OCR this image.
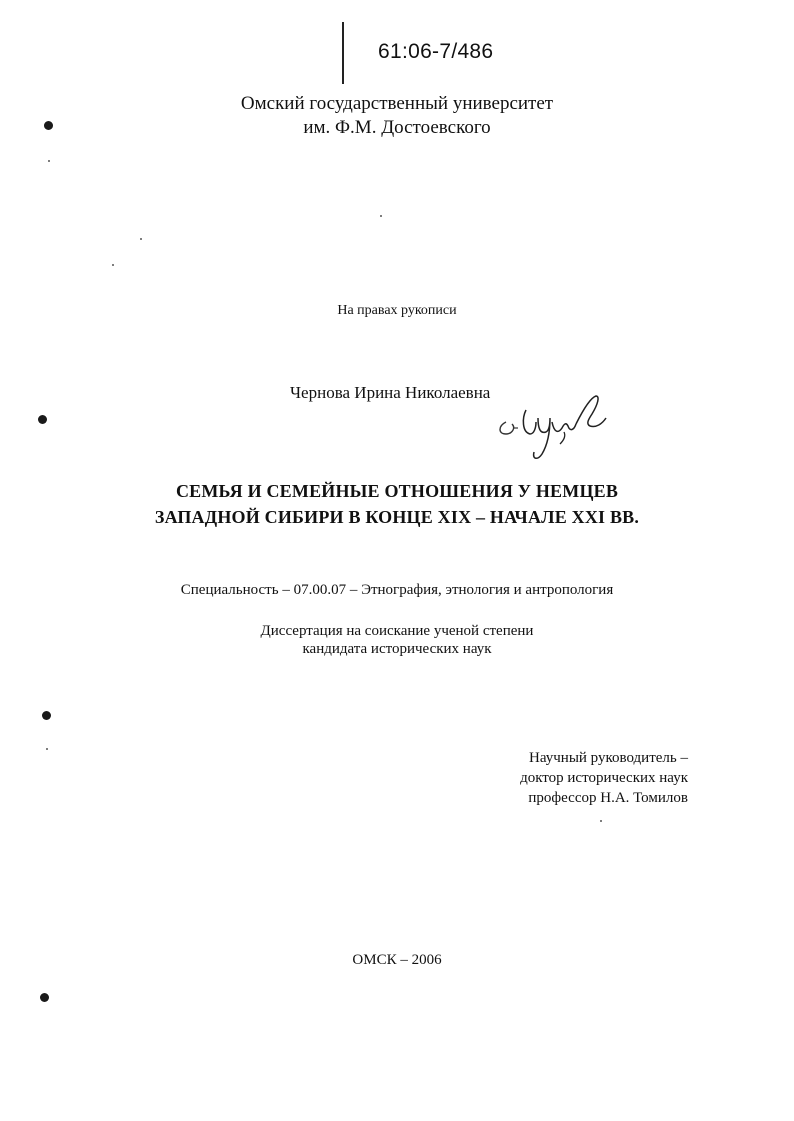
61:06-7/486
Омский государственный университет
им. Ф.М. Достоевского
На правах рукописи
Чернова Ирина Николаевна
СЕМЬЯ И СЕМЕЙНЫЕ ОТНОШЕНИЯ У НЕМЦЕВ
ЗАПАДНОЙ СИБИРИ В КОНЦЕ XIX – НАЧАЛЕ XXI ВВ.
Специальность – 07.00.07 – Этнография, этнология и антропология
Диссертация на соискание ученой степени
кандидата исторических наук
Научный руководитель –
доктор исторических наук
профессор Н.А. Томилов
ОМСК – 2006
